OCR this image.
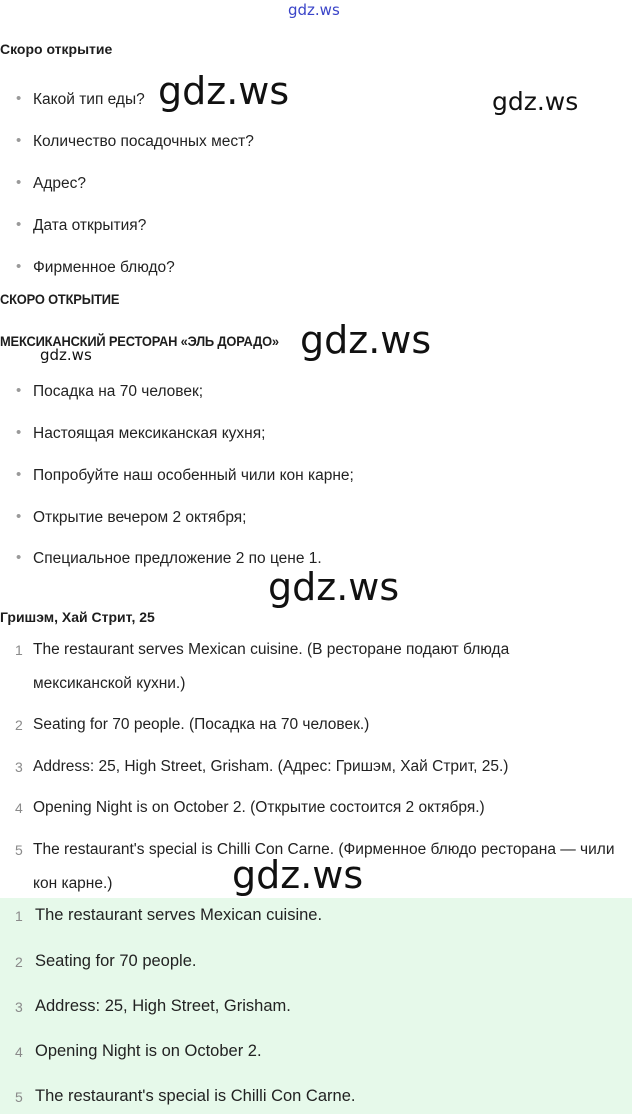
gdz.ws
gdz.ws	gdz.ws
gdz.ws
gdz.ws
gdz.ws
gdz.ws
Скоро открытие
• Какой тип еды?
• Количество посадочных мест?
• Адрес?
• Дата открытия?
• Фирменное блюдо?
СКОРО ОТКРЫТИЕ
МЕКСИКАНСКИЙ РЕСТОРАН «ЭЛЬ ДОРАДО»
• Посадка на 70 человек;
• Настоящая мексиканская кухня;
• Попробуйте наш особенный чили кон карне;
• Открытие вечером 2 октября;
• Специальное предложение 2 по цене 1.
Гришэм, Хай Стрит, 25
1 The restaurant serves Mexican cuisine. (В ресторане подают блюда мексиканской кухни.)
2 Seating for 70 people. (Посадка на 70 человек.)
3 Address: 25, High Street, Grisham. (Адрес: Гришэм, Хай Стрит, 25.)
4 Opening Night is on October 2. (Открытие состоится 2 октября.)
5 The restaurant's special is Chilli Con Carne. (Фирменное блюдо ресторана — чили кон карне.)
1 The restaurant serves Mexican cuisine.
2 Seating for 70 people.
3 Address: 25, High Street, Grisham.
4 Opening Night is on October 2.
5 The restaurant's special is Chilli Con Carne.
